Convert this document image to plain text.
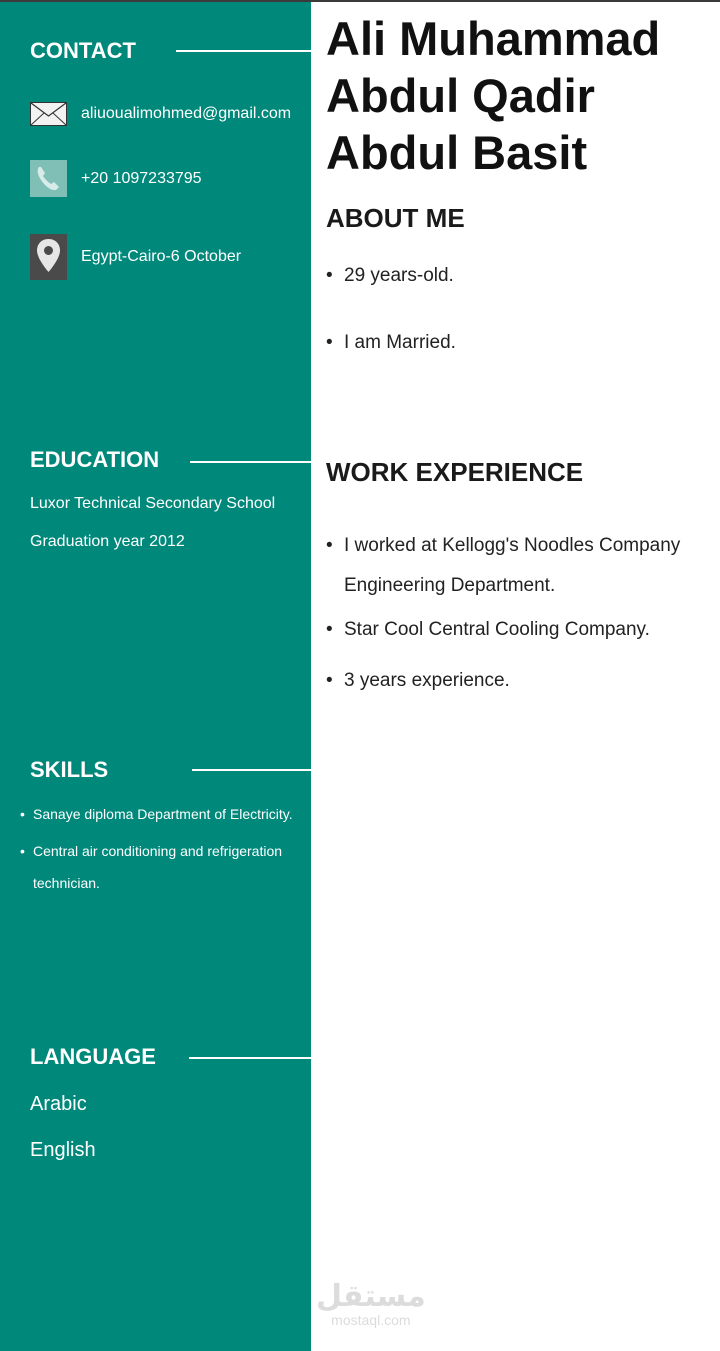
CONTACT
aliuoualimohmed@gmail.com
+20 1097233795
Egypt-Cairo-6 October
EDUCATION
Luxor Technical Secondary School
Graduation year 2012
SKILLS
• Sanaye diploma Department of Electricity.
• Central air conditioning and refrigeration technician.
LANGUAGE
Arabic
English
Ali Muhammad Abdul Qadir Abdul Basit
ABOUT ME
• 29 years-old.
• I am Married.
WORK EXPERIENCE
• I worked at Kellogg's Noodles Company Engineering Department.
• Star Cool Central Cooling Company.
• 3 years experience.
مستقل
mostaql.com
